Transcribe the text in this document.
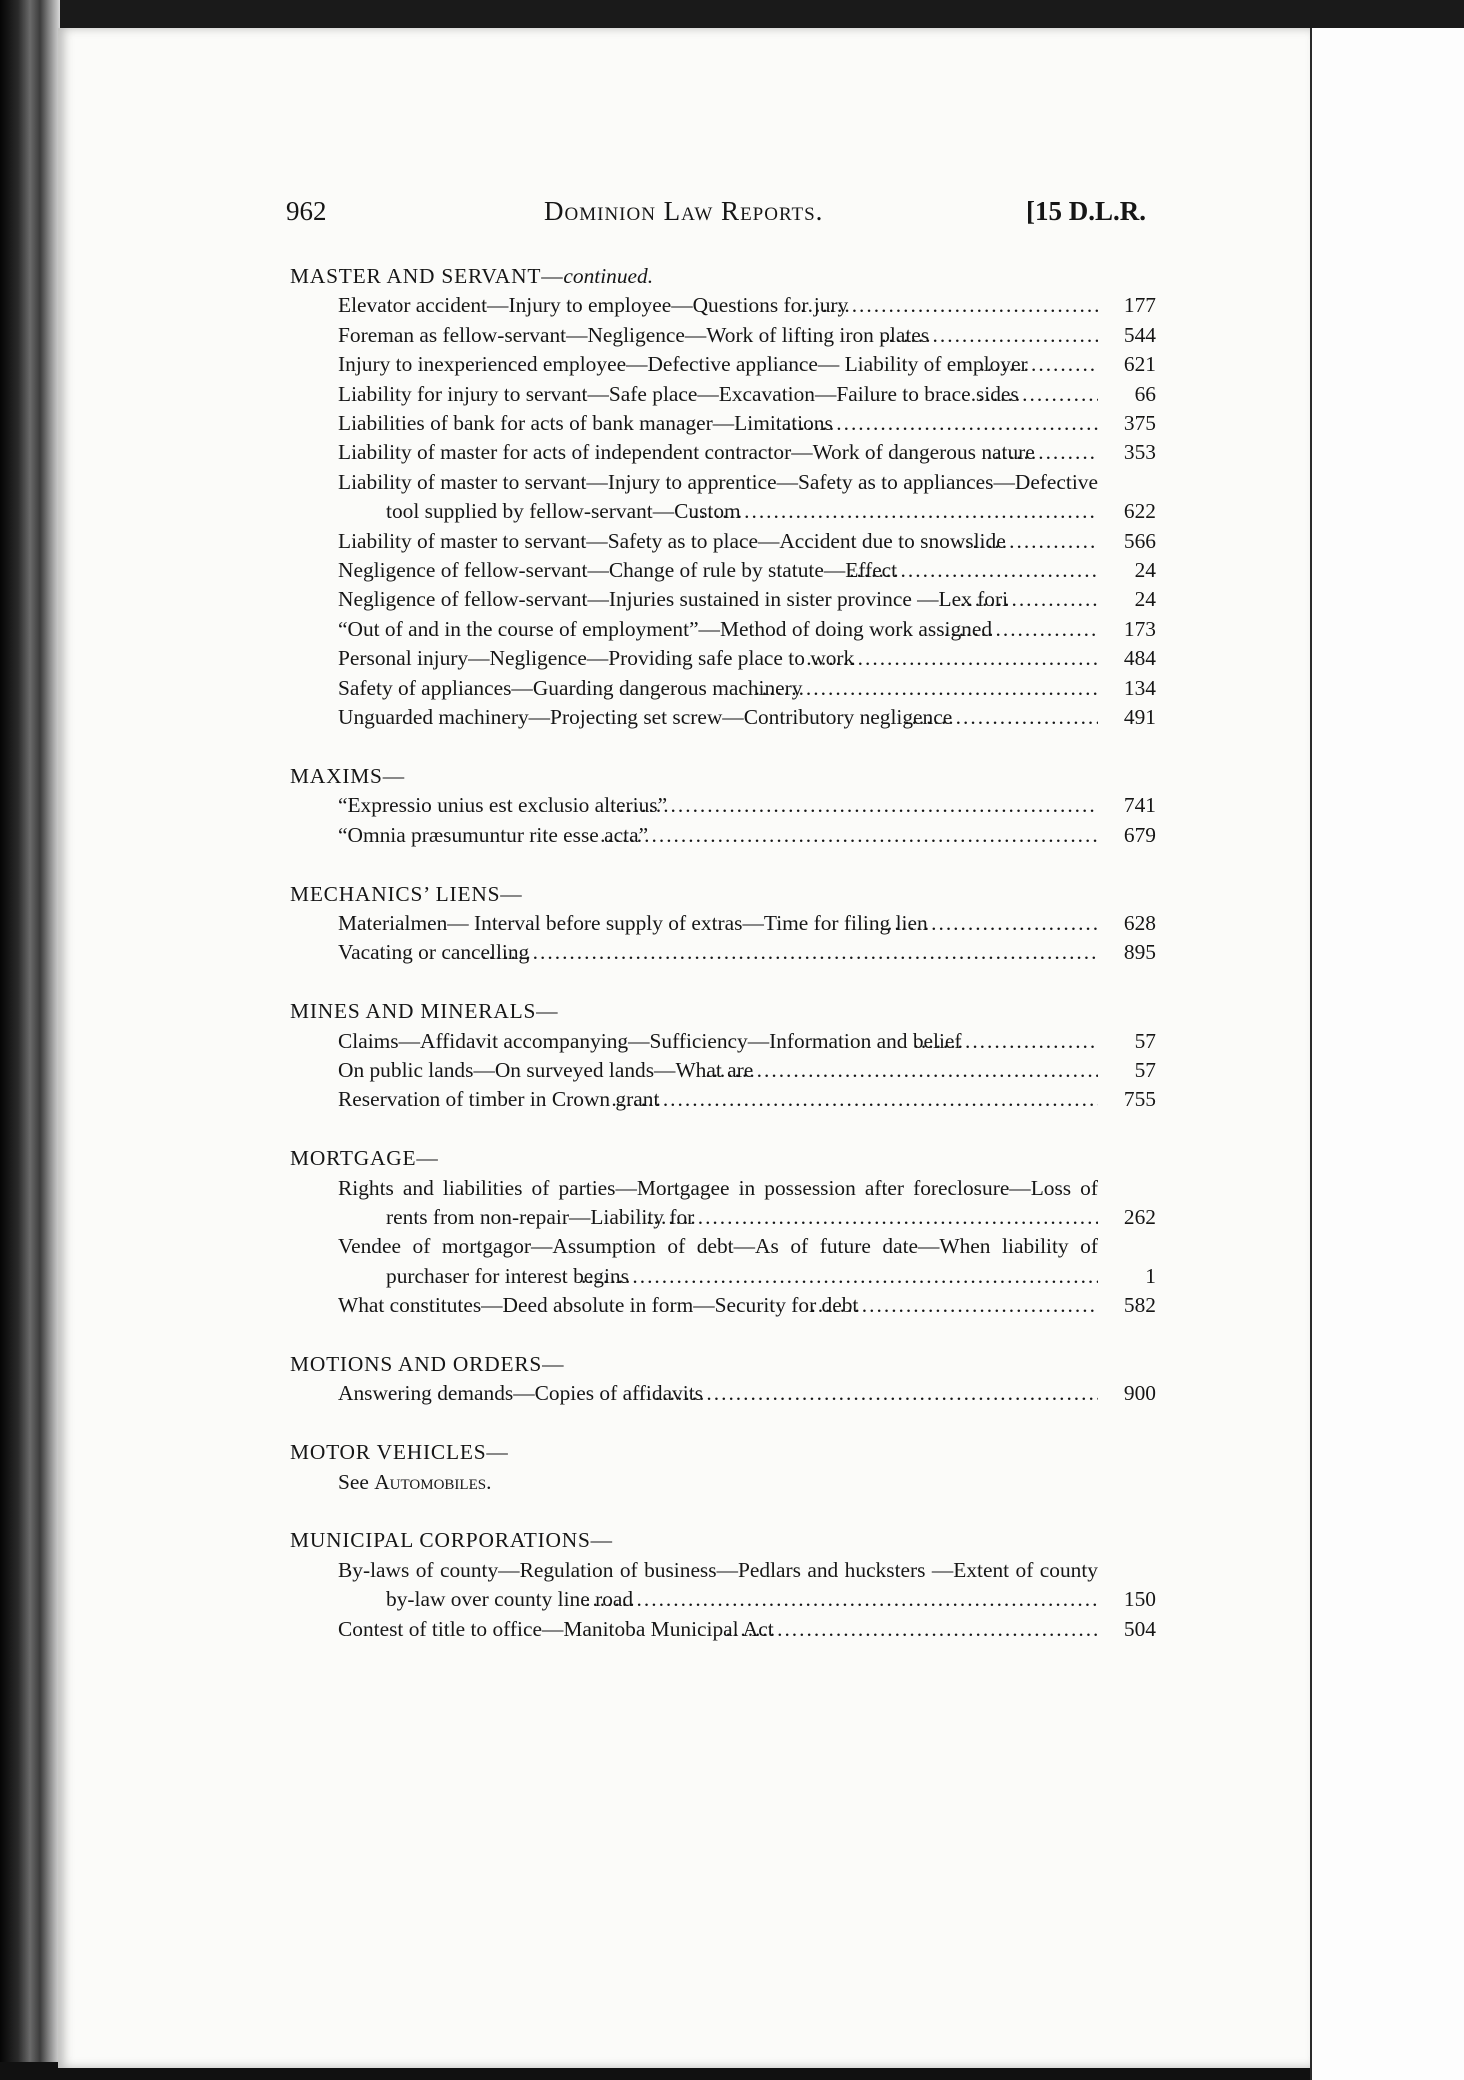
962	Dominion Law Reports.	[15 D.L.R.
MASTER AND SERVANT—continued.
Elevator accident—Injury to employee—Questions for jury .....	177
Foreman as fellow-servant—Negligence—Work of lifting iron plates .....	544
Injury to inexperienced employee—Defective appliance— Liability of employer .....	621
Liability for injury to servant—Safe place—Excavation—Failure to brace sides .....	66
Liabilities of bank for acts of bank manager—Limitations .....	375
Liability of master for acts of independent contractor—Work of dangerous nature .....	353
Liability of master to servant—Injury to apprentice—Safety as to appliances—Defective tool supplied by fellow-servant—Custom .....	622
Liability of master to servant—Safety as to place—Accident due to snowslide .....	566
Negligence of fellow-servant—Change of rule by statute—Effect .....	24
Negligence of fellow-servant—Injuries sustained in sister province —Lex fori .....	24
“Out of and in the course of employment”—Method of doing work assigned .....	173
Personal injury—Negligence—Providing safe place to work .....	484
Safety of appliances—Guarding dangerous machinery .....	134
Unguarded machinery—Projecting set screw—Contributory negligence .....	491
MAXIMS—
“Expressio unius est exclusio alterius” .....	741
“Omnia præsumuntur rite esse acta” .....	679
MECHANICS’ LIENS—
Materialmen— Interval before supply of extras—Time for filing lien .....	628
Vacating or cancelling .....	895
MINES AND MINERALS—
Claims—Affidavit accompanying—Sufficiency—Information and belief .....	57
On public lands—On surveyed lands—What are .....	57
Reservation of timber in Crown grant .....	755
MORTGAGE—
Rights and liabilities of parties—Mortgagee in possession after foreclosure—Loss of rents from non-repair—Liability for .....	262
Vendee of mortgagor—Assumption of debt—As of future date—When liability of purchaser for interest begins .....	1
What constitutes—Deed absolute in form—Security for debt .....	582
MOTIONS AND ORDERS—
Answering demands—Copies of affidavits .....	900
MOTOR VEHICLES—
See Automobiles.
MUNICIPAL CORPORATIONS—
By-laws of county—Regulation of business—Pedlars and hucksters —Extent of county by-law over county line road .....	150
Contest of title to office—Manitoba Municipal Act .....	504
